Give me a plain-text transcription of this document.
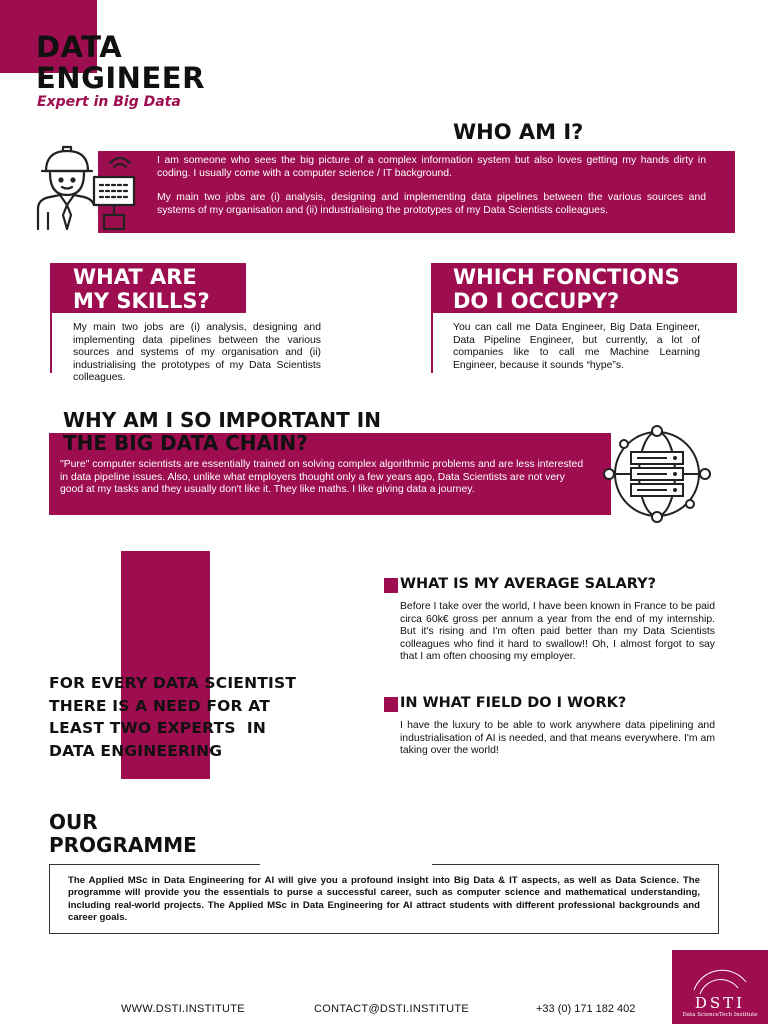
DATA
ENGINEER
Expert in Big Data
WHO AM I?
I am someone who sees the big picture of a complex information system but also loves getting my hands dirty in coding. I usually come with a computer science / IT background.
My main two jobs are (i) analysis, designing and implementing data pipelines between the various sources and systems of my organisation and (ii) industrialising the prototypes of my Data Scientists colleagues.
WHAT ARE
MY SKILLS?
My main two jobs are (i) analysis, designing and implementing data pipelines between the various sources and systems of my organisation and (ii) industrialising the prototypes of my Data Scientists colleagues.
WHICH FONCTIONS
DO I OCCUPY?
You can call me Data Engineer, Big Data Engineer, Data Pipeline Engineer, but currently, a lot of companies like to call me Machine Learning Engineer, because it sounds “hype”s.
WHY AM I SO IMPORTANT IN
THE BIG DATA CHAIN?
"Pure" computer scientists are essentially trained on solving complex algorithmic problems and are less interested in data pipeline issues. Also, unlike what employers thought only a few years ago, Data Scientists are not very good at my tasks and they usually don't like it. They like maths. I like giving data a journey.
FOR EVERY DATA SCIENTIST
THERE IS A NEED FOR AT
LEAST TWO EXPERTS  IN
DATA ENGINEERING
WHAT IS MY AVERAGE SALARY?
Before I take over the world, I have been known in France to be paid circa 60k€ gross per annum a year from the end of my internship. But it's rising and I'm often paid better than my Data Scientists colleagues who find it hard to swallow!! Oh, I almost forgot to say that I am often choosing my employer.
IN WHAT FIELD DO I WORK?
I have the luxury to be able to work anywhere data pipelining and industrialisation of AI is needed, and that means everywhere. I'm am taking over the world!
OUR
PROGRAMME
The Applied MSc in Data Engineering for AI will give you a profound insight into Big Data & IT aspects, as well as Data Science. The programme will provide you the essentials to purse a successful career, such as computer science and mathematical understanding, including real-world projects. The Applied MSc in Data Engineering for AI attract students with different professional backgrounds and career goals.
WWW.DSTI.INSTITUTE	CONTACT@DSTI.INSTITUTE	+33 (0) 171 182 402	DSTI
Data ScienceTech Institute
